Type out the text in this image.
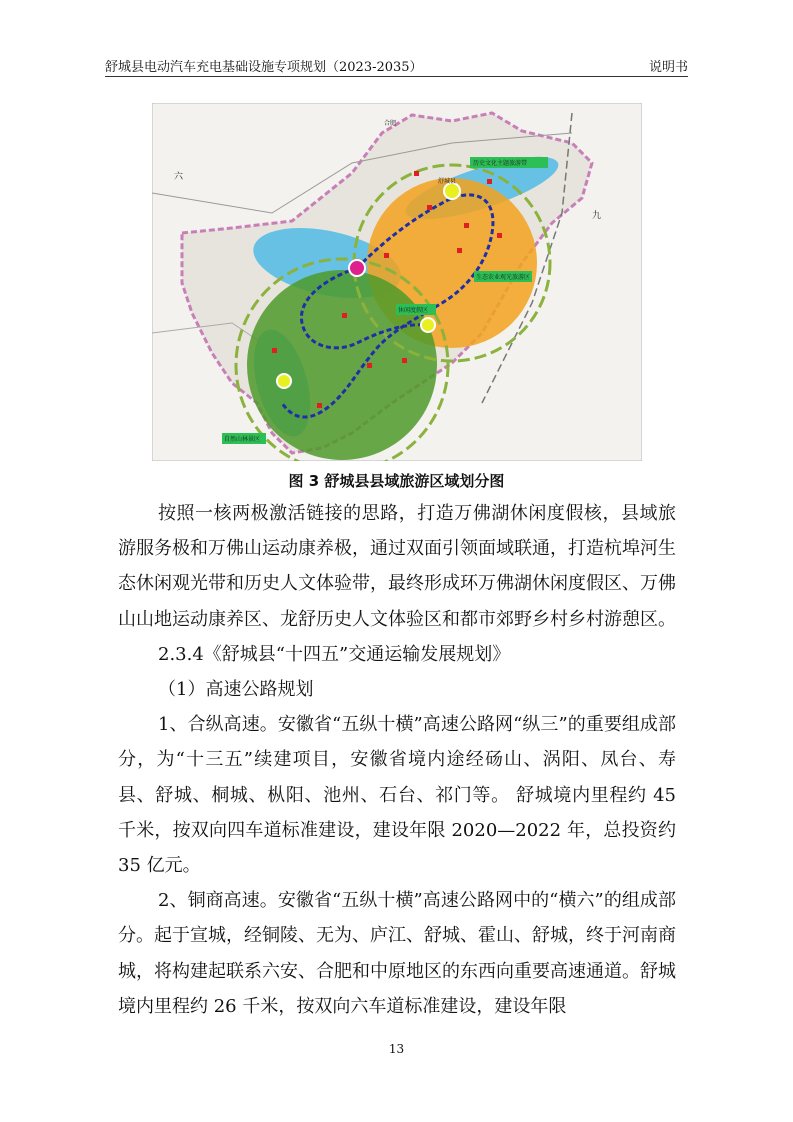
舒城县电动汽车充电基础设施专项规划（2023-2035）	说明书
历史文化主题旅游带
生态农业观光旅游区
休闲度假区
自然山林景区
舒城县
合肥
六
九
图 3 舒城县县域旅游区域划分图

按照一核两极激活链接的思路，打造万佛湖休闲度假核，县域旅游服务极和万佛山运动康养极，通过双面引领面域联通，打造杭埠河生态休闲观光带和历史人文体验带，最终形成环万佛湖休闲度假区、万佛山山地运动康养区、龙舒历史人文体验区和都市郊野乡村乡村游憩区。

2.3.4《舒城县“十四五”交通运输发展规划》

（1）高速公路规划

1、合纵高速。安徽省“五纵十横”高速公路网“纵三”的重要组成部分，为“十三五”续建项目，安徽省境内途经砀山、涡阳、凤台、寿县、舒城、桐城、枞阳、池州、石台、祁门等。 舒城境内里程约 45 千米，按双向四车道标准建设，建设年限 2020—2022 年，总投资约 35 亿元。

2、铜商高速。安徽省“五纵十横”高速公路网中的“横六”的组成部分。起于宣城，经铜陵、无为、庐江、舒城、霍山、舒城，终于河南商城，将构建起联系六安、合肥和中原地区的东西向重要高速通道。舒城境内里程约 26 千米，按双向六车道标准建设，建设年限

13
